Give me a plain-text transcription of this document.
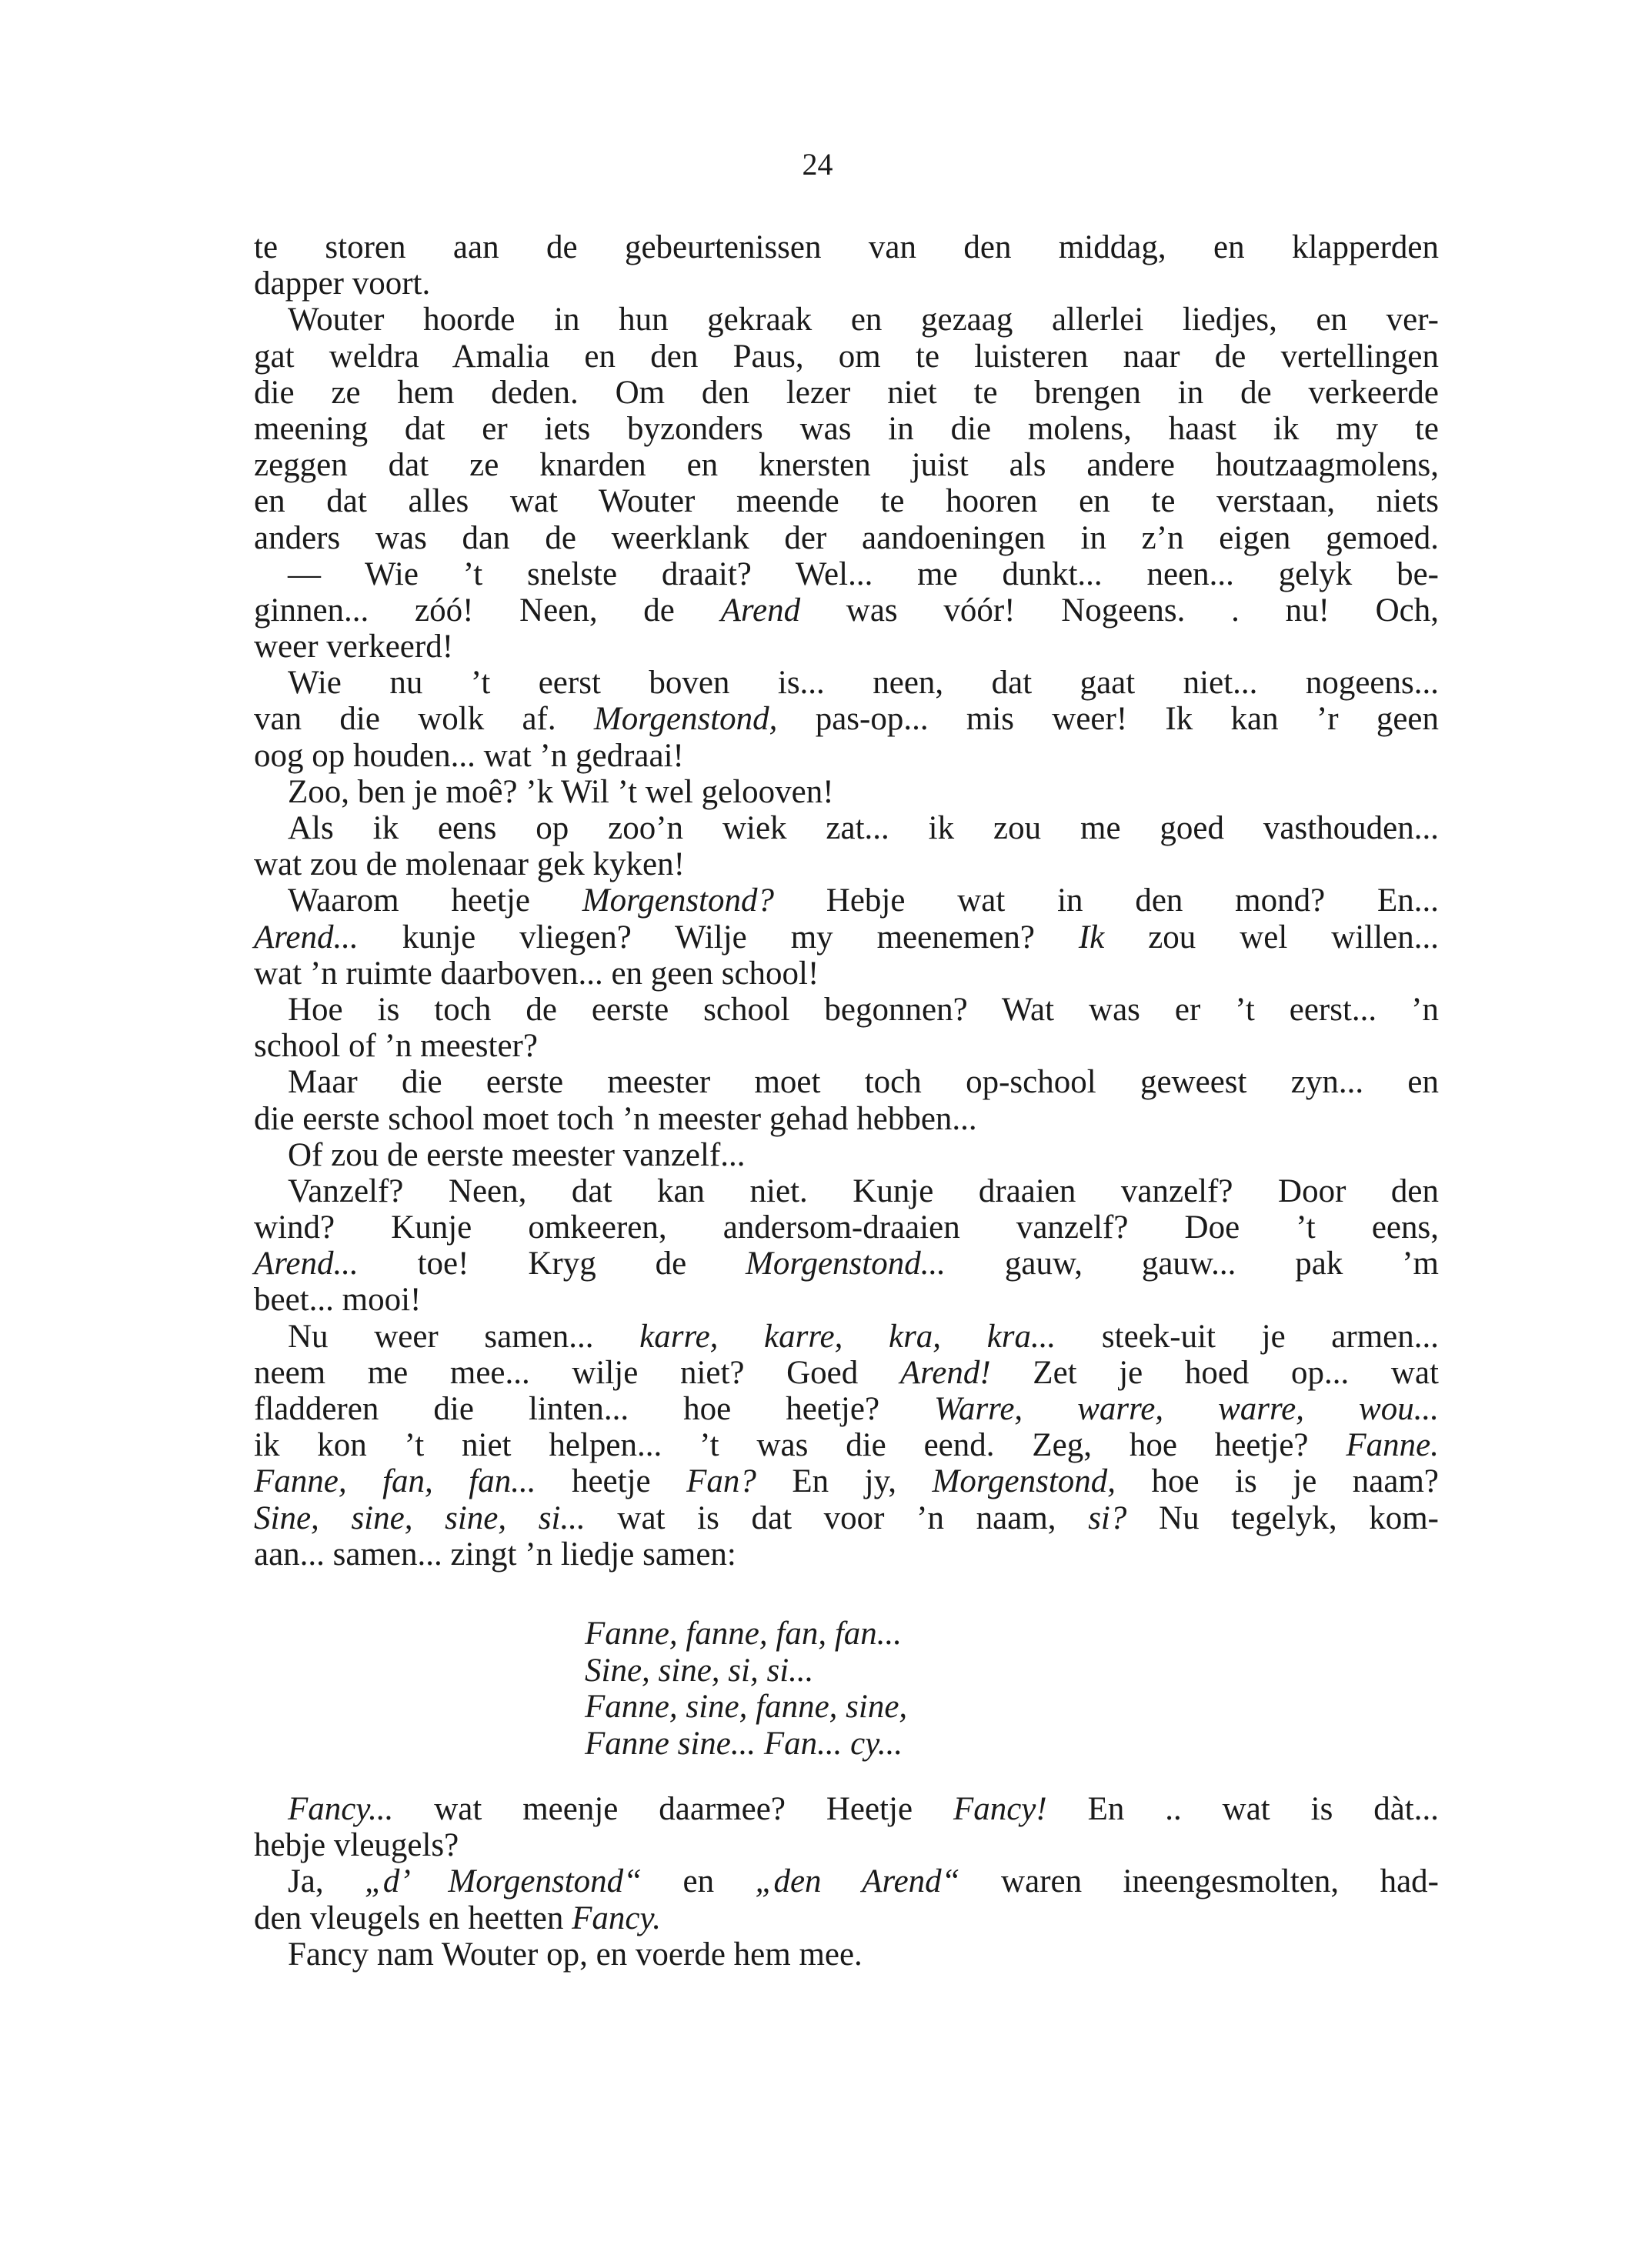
24
te storen aan de gebeurtenissen van den middag, en klapperden
dapper voort.
Wouter hoorde in hun gekraak en gezaag allerlei liedjes, en ver-
gat weldra Amalia en den Paus, om te luisteren naar de vertellingen
die ze hem deden. Om den lezer niet te brengen in de verkeerde
meening dat er iets byzonders was in die molens, haast ik my te
zeggen dat ze knarden en knersten juist als andere houtzaagmolens,
en dat alles wat Wouter meende te hooren en te verstaan, niets
anders was dan de weerklank der aandoeningen in z’n eigen gemoed.
— Wie ’t snelste draait? Wel... me dunkt... neen... gelyk be-
ginnen... zóó! Neen, de Arend was vóór! Nogeens. . nu! Och,
weer verkeerd!
Wie nu ’t eerst boven is... neen, dat gaat niet... nogeens...
van die wolk af. Morgenstond, pas-op... mis weer! Ik kan ’r geen
oog op houden... wat ’n gedraai!
Zoo, ben je moê? ’k Wil ’t wel gelooven!
Als ik eens op zoo’n wiek zat... ik zou me goed vasthouden...
wat zou de molenaar gek kyken!
Waarom heetje Morgenstond? Hebje wat in den mond? En...
Arend... kunje vliegen? Wilje my meenemen? Ik zou wel willen...
wat ’n ruimte daarboven... en geen school!
Hoe is toch de eerste school begonnen? Wat was er ’t eerst... ’n
school of ’n meester?
Maar die eerste meester moet toch op-school geweest zyn... en
die eerste school moet toch ’n meester gehad hebben...
Of zou de eerste meester vanzelf...
Vanzelf? Neen, dat kan niet. Kunje draaien vanzelf? Door den
wind? Kunje omkeeren, andersom-draaien vanzelf? Doe ’t eens,
Arend... toe! Kryg de Morgenstond... gauw, gauw... pak ’m
beet... mooi!
Nu weer samen... karre, karre, kra, kra... steek-uit je armen...
neem me mee... wilje niet? Goed Arend! Zet je hoed op... wat
fladderen die linten... hoe heetje? Warre, warre, warre, wou...
ik kon ’t niet helpen... ’t was die eend. Zeg, hoe heetje? Fanne.
Fanne, fan, fan... heetje Fan? En jy, Morgenstond, hoe is je naam?
Sine, sine, sine, si... wat is dat voor ’n naam, si? Nu tegelyk, kom-
aan... samen... zingt ’n liedje samen:
Fanne, fanne, fan, fan...
Sine, sine, si, si...
Fanne, sine, fanne, sine,
Fanne sine... Fan... cy...
Fancy... wat meenje daarmee? Heetje Fancy! En .. wat is dàt...
hebje vleugels?
Ja, „d’ Morgenstond“ en „den Arend“ waren ineengesmolten, had-
den vleugels en heetten Fancy.
Fancy nam Wouter op, en voerde hem mee.
